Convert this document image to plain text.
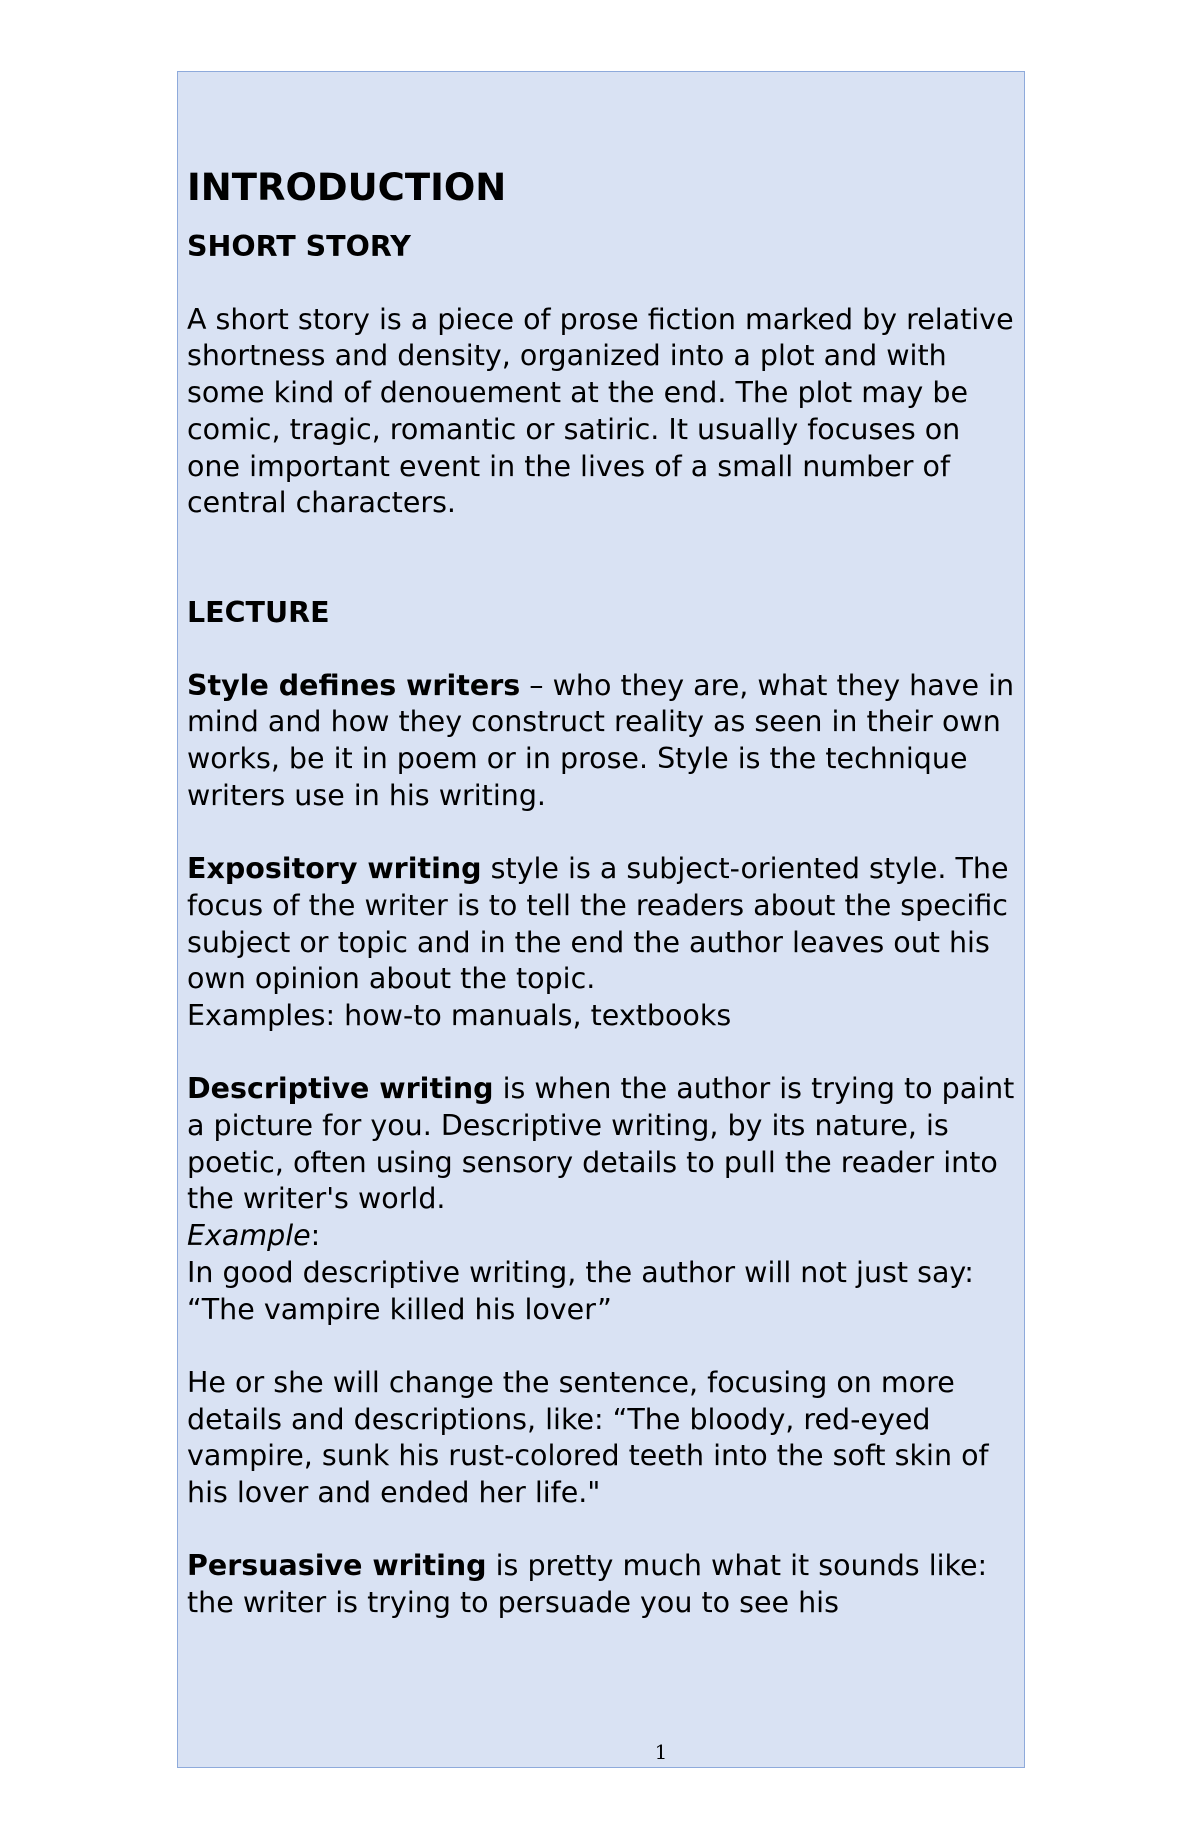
INTRODUCTION
SHORT STORY

A short story is a piece of prose fiction marked by relative shortness and density, organized into a plot and with some kind of denouement at the end. The plot may be comic, tragic, romantic or satiric. It usually focuses on one important event in the lives of a small number of central characters.

LECTURE

Style defines writers – who they are, what they have in mind and how they construct reality as seen in their own works, be it in poem or in prose. Style is the technique writers use in his writing.

Expository writing style is a subject-oriented style. The focus of the writer is to tell the readers about the specific subject or topic and in the end the author leaves out his own opinion about the topic.
Examples: how-to manuals, textbooks

Descriptive writing is when the author is trying to paint a picture for you. Descriptive writing, by its nature, is poetic, often using sensory details to pull the reader into the writer's world.
Example:
In good descriptive writing, the author will not just say: “The vampire killed his lover”

He or she will change the sentence, focusing on more details and descriptions, like: “The bloody, red-eyed vampire, sunk his rust-colored teeth into the soft skin of his lover and ended her life."

Persuasive writing is pretty much what it sounds like: the writer is trying to persuade you to see his

1
